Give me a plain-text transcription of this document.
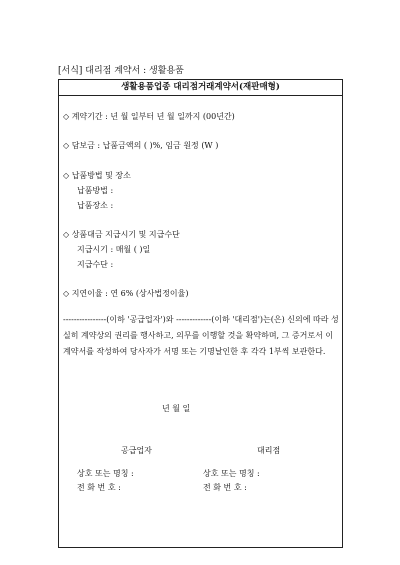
[서식] 대리점 계약서 : 생활용품
생활용품업종 대리점거래계약서(재판매형)
◇ 계약기간 : 년 월 일부터 년 월 일까지 (00년간)
◇ 담보금 : 납품금액의 ( )%, 임금 원정 (W )
◇ 납품방법 및 장소
납품방법 :
납품장소 :
◇ 상품대금 지급시기 및 지급수단
지급시기 : 매월 ( )일
지급수단 :
◇ 지연이율 : 연 6% (상사법정이율)
----------------(이하 '공급업자')와 -------------(이하 '대리점')는(은) 신의에 따라 성실히 계약상의 권리를 행사하고, 의무를 이행할 것을 확약하며, 그 증거로서 이 계약서를 작성하여 당사자가 서명 또는 기명날인한 후 각각 1부씩 보관한다.
년 월 일
공급업자	대리점
상호 또는 명칭 :
전 화 번 호 :
상호 또는 명칭 :
전 화 번 호 :
